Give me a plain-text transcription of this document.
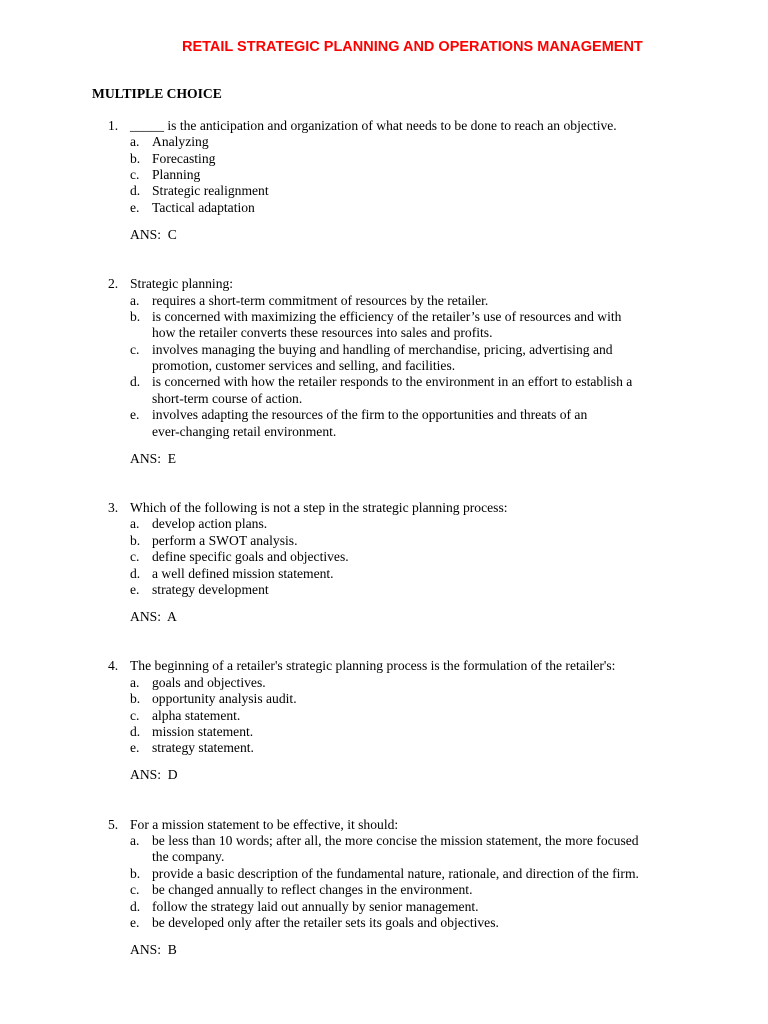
RETAIL STRATEGIC PLANNING AND OPERATIONS MANAGEMENT
MULTIPLE CHOICE
1. _____ is the anticipation and organization of what needs to be done to reach an objective.
a. Analyzing
b. Forecasting
c. Planning
d. Strategic realignment
e. Tactical adaptation

ANS:  C

2. Strategic planning:
a. requires a short-term commitment of resources by the retailer.
b. is concerned with maximizing the efficiency of the retailer’s use of resources and with
how the retailer converts these resources into sales and profits.
c. involves managing the buying and handling of merchandise, pricing, advertising and
promotion, customer services and selling, and facilities.
d. is concerned with how the retailer responds to the environment in an effort to establish a
short-term course of action.
e. involves adapting the resources of the firm to the opportunities and threats of an
ever-changing retail environment.

ANS:  E

3. Which of the following is not a step in the strategic planning process:
a. develop action plans.
b. perform a SWOT analysis.
c. define specific goals and objectives.
d. a well defined mission statement.
e. strategy development

ANS:  A

4. The beginning of a retailer's strategic planning process is the formulation of the retailer's:
a. goals and objectives.
b. opportunity analysis audit.
c. alpha statement.
d. mission statement.
e. strategy statement.

ANS:  D

5. For a mission statement to be effective, it should:
a. be less than 10 words; after all, the more concise the mission statement, the more focused
the company.
b. provide a basic description of the fundamental nature, rationale, and direction of the firm.
c. be changed annually to reflect changes in the environment.
d. follow the strategy laid out annually by senior management.
e. be developed only after the retailer sets its goals and objectives.

ANS:  B
